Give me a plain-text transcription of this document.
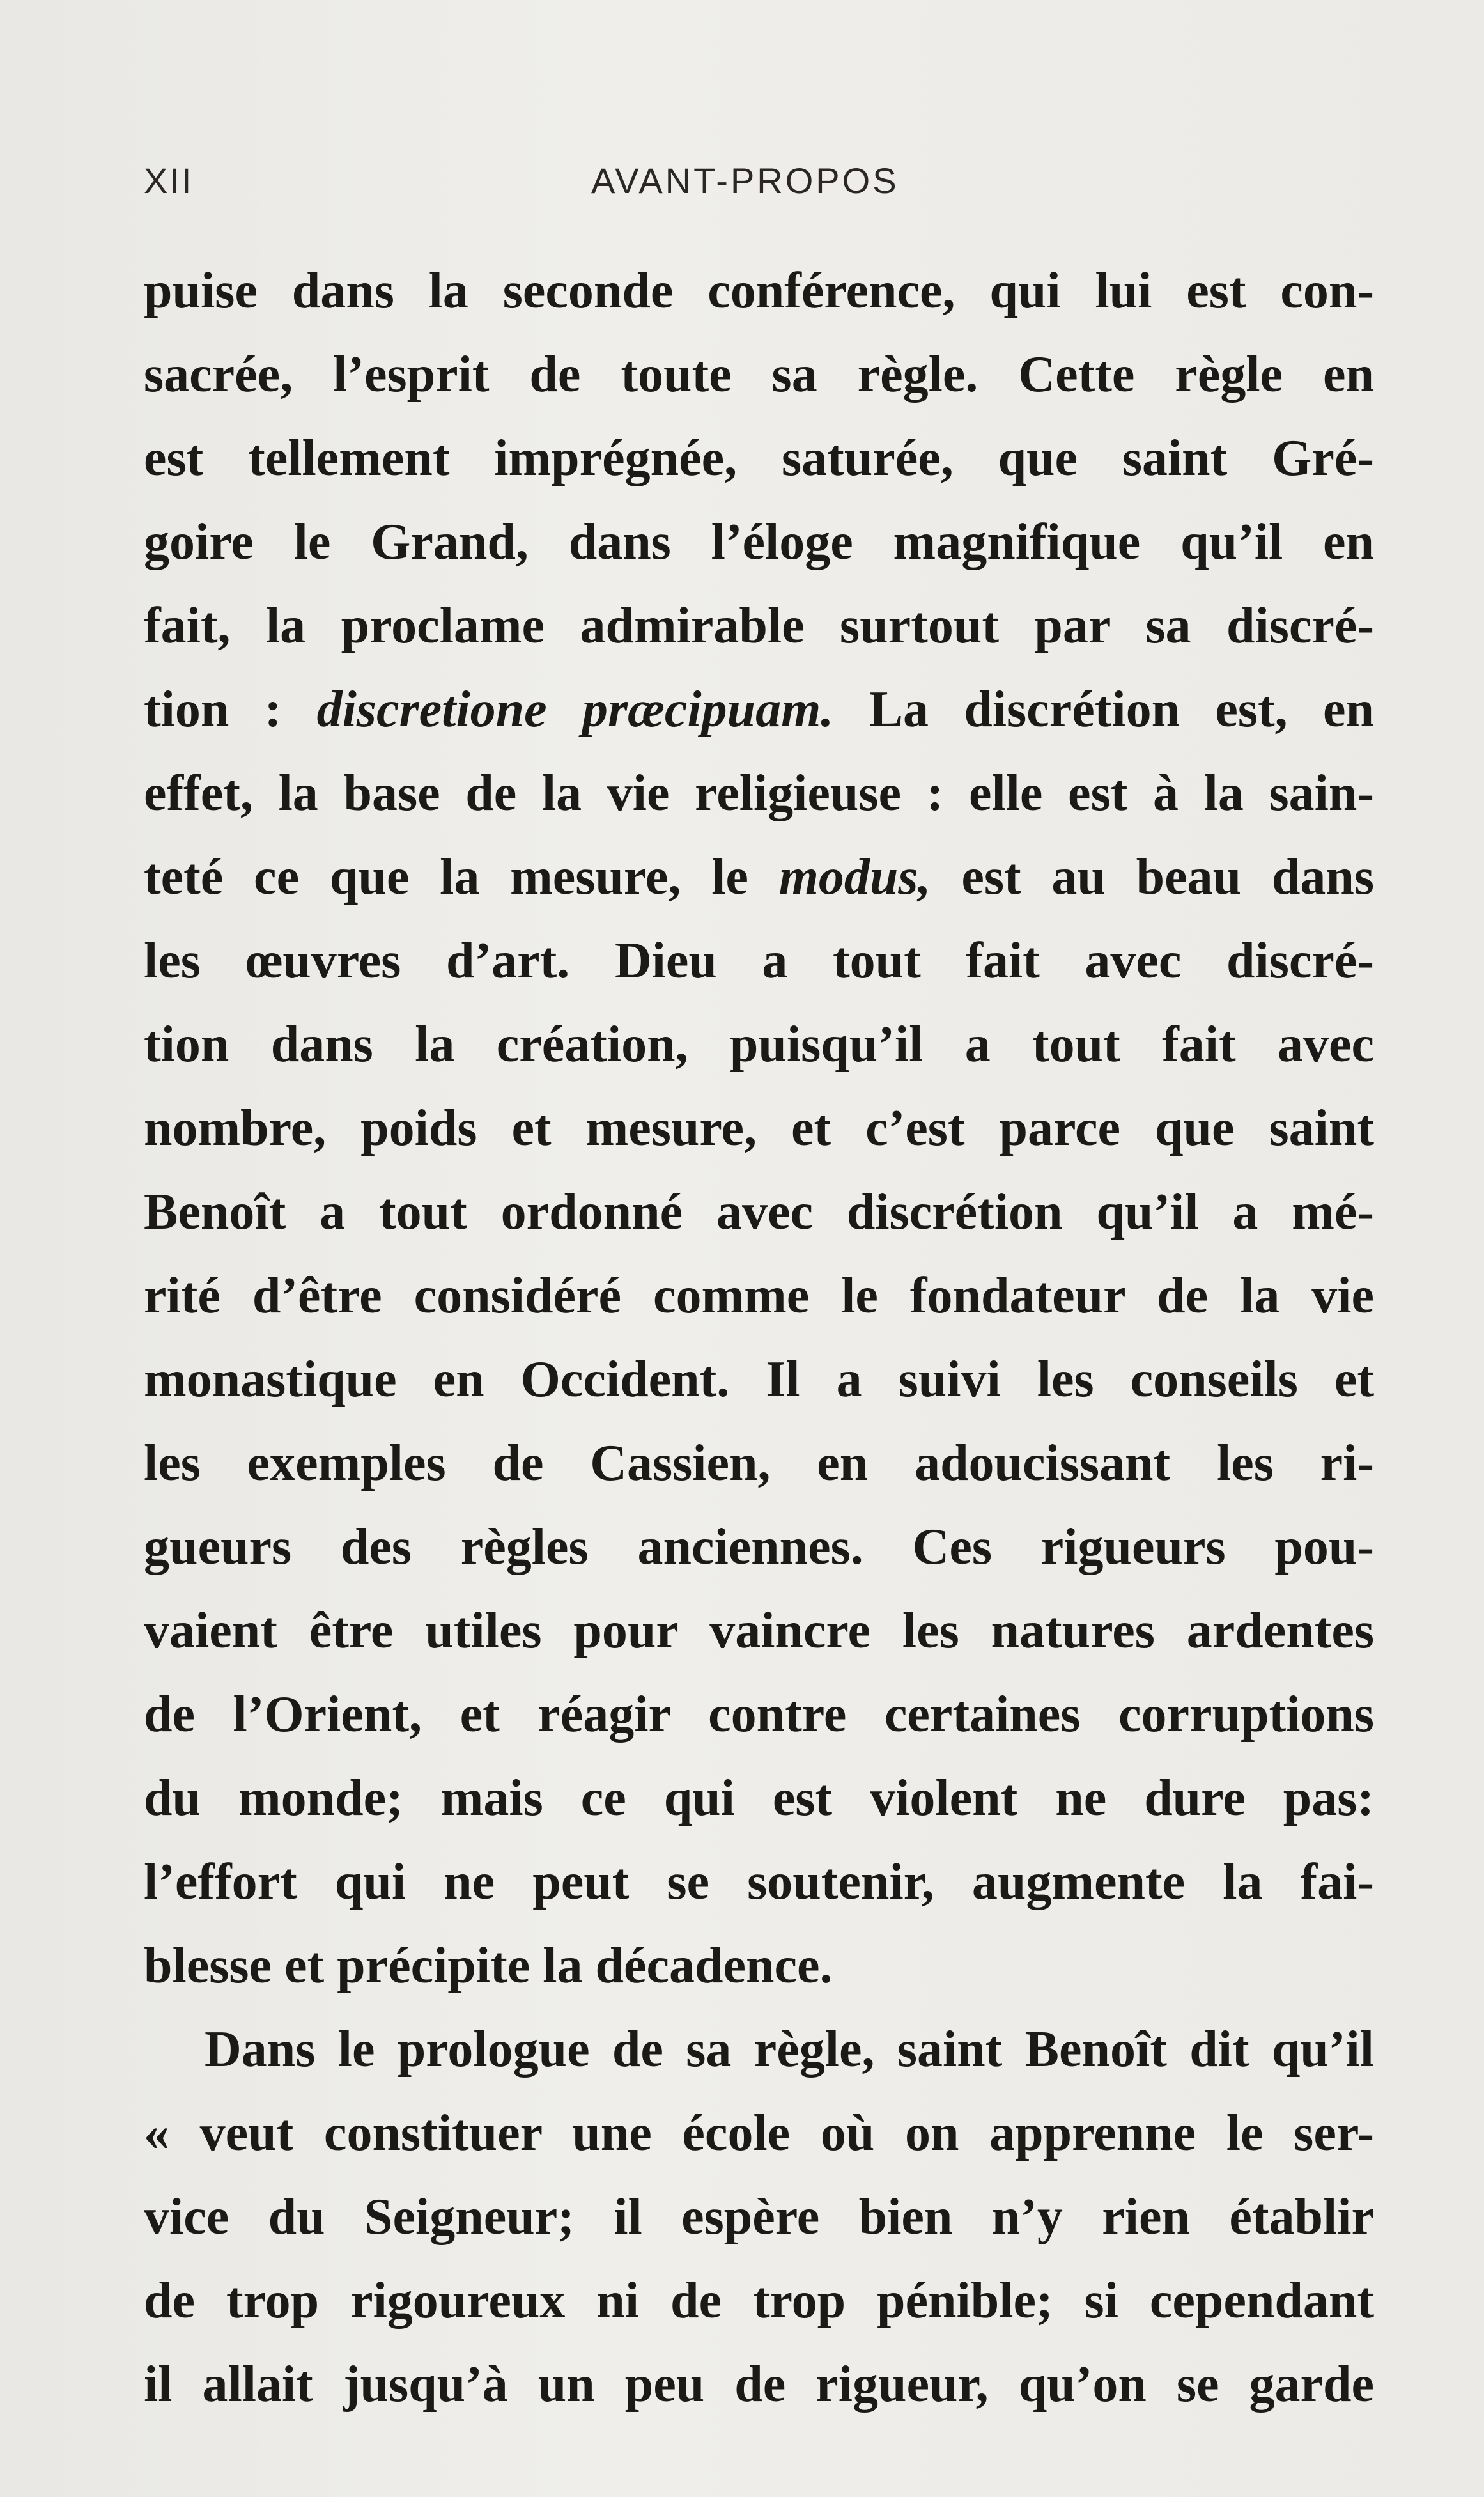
XII	AVANT-PROPOS
puise dans la seconde conférence, qui lui est con-
sacrée, l’esprit de toute sa règle. Cette règle en
est tellement imprégnée, saturée, que saint Gré-
goire le Grand, dans l’éloge magnifique qu’il en
fait, la proclame admirable surtout par sa discré-
tion : discretione præcipuam. La discrétion est, en
effet, la base de la vie religieuse : elle est à la sain-
teté ce que la mesure, le modus, est au beau dans
les œuvres d’art. Dieu a tout fait avec discré-
tion dans la création, puisqu’il a tout fait avec
nombre, poids et mesure, et c’est parce que saint
Benoît a tout ordonné avec discrétion qu’il a mé-
rité d’être considéré comme le fondateur de la vie
monastique en Occident. Il a suivi les conseils et
les exemples de Cassien, en adoucissant les ri-
gueurs des règles anciennes. Ces rigueurs pou-
vaient être utiles pour vaincre les natures ardentes
de l’Orient, et réagir contre certaines corruptions
du monde; mais ce qui est violent ne dure pas:
l’effort qui ne peut se soutenir, augmente la fai-
blesse et précipite la décadence.
Dans le prologue de sa règle, saint Benoît dit qu’il
« veut constituer une école où on apprenne le ser-
vice du Seigneur; il espère bien n’y rien établir
de trop rigoureux ni de trop pénible; si cependant
il allait jusqu’à un peu de rigueur, qu’on se garde
